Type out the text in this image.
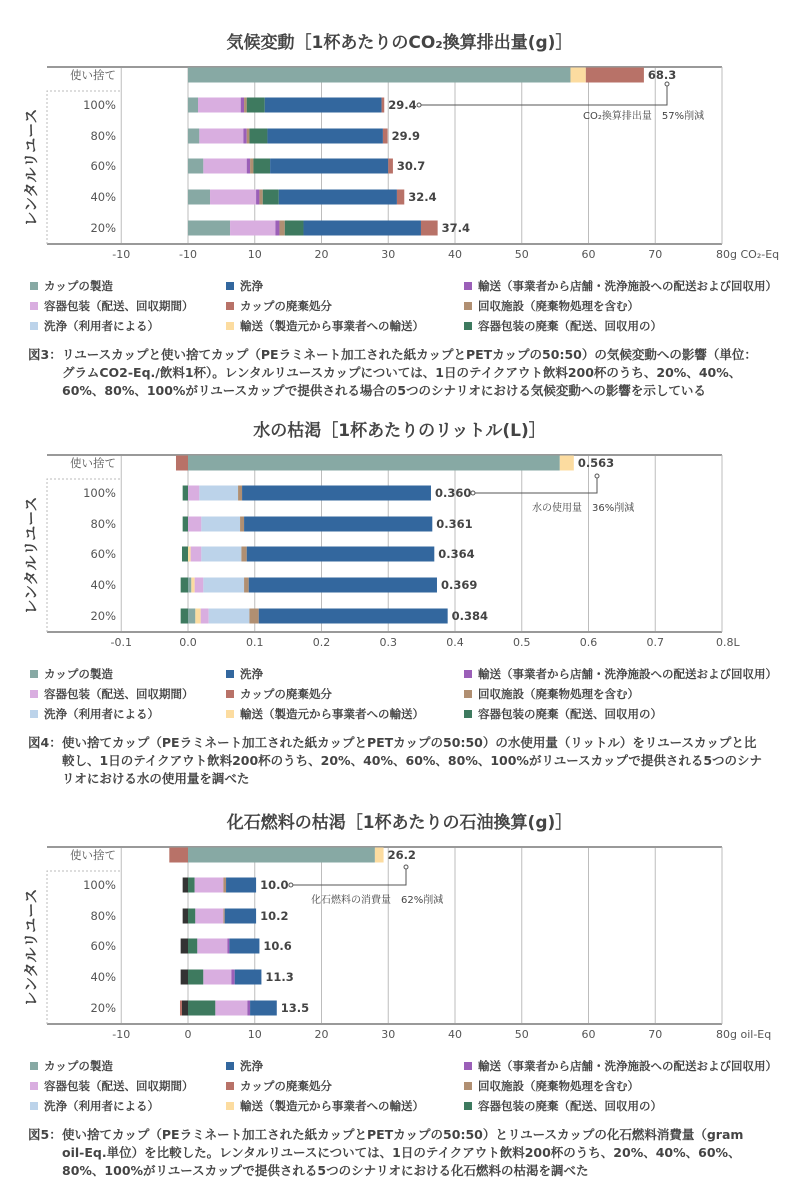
気候変動［1杯あたりのCO₂換算排出量(g)］
レンタルリユース
-10	-10	10	20	30	40	50	60	70	80g CO₂-Eq
使い捨て	68.3
100%	29.4
CO₂換算排出量　57%削減
80%	29.9
60%	30.7
40%	32.4
20%	37.4
カップの製造	洗浄	輸送（事業者から店舗・洗浄施設への配送および回収用）
容器包装（配送、回収期間）	カップの廃棄処分	回収施設（廃棄物処理を含む）
洗浄（利用者による）	輸送（製造元から事業者への輸送）	容器包装の廃棄（配送、回収用の）
図3： リユースカップと使い捨てカップ（PEラミネート加工された紙カップとPETカップの50:50）の気候変動への影響（単位：グラムCO2-Eq./飲料1杯）。レンタルリユースカップについては、1日のテイクアウト飲料200杯のうち、20%、40%、60%、80%、100%がリユースカップで提供される場合の5つのシナリオにおける気候変動への影響を示している
水の枯渇［1杯あたりのリットル(L)］
レンタルリユース
-0.1	0.0	0.1	0.2	0.3	0.4	0.5	0.6	0.7	0.8L
使い捨て	0.563
100%	0.360
水の使用量　36%削減
80%	0.361
60%	0.364
40%	0.369
20%	0.384
カップの製造	洗浄	輸送（事業者から店舗・洗浄施設への配送および回収用）
容器包装（配送、回収期間）	カップの廃棄処分	回収施設（廃棄物処理を含む）
洗浄（利用者による）	輸送（製造元から事業者への輸送）	容器包装の廃棄（配送、回収用の）
図4： 使い捨てカップ（PEラミネート加工された紙カップとPETカップの50:50）の水使用量（リットル）をリユースカップと比較し、1日のテイクアウト飲料200杯のうち、20%、40%、60%、80%、100%がリユースカップで提供される5つのシナリオにおける水の使用量を調べた
化石燃料の枯渇［1杯あたりの石油換算(g)］
レンタルリユース
-10	0	10	20	30	40	50	60	70	80g oil-Eq
使い捨て	26.2
100%	10.0
化石燃料の消費量　62%削減
80%	10.2
60%	10.6
40%	11.3
20%	13.5
カップの製造	洗浄	輸送（事業者から店舗・洗浄施設への配送および回収用）
容器包装（配送、回収期間）	カップの廃棄処分	回収施設（廃棄物処理を含む）
洗浄（利用者による）	輸送（製造元から事業者への輸送）	容器包装の廃棄（配送、回収用の）
図5： 使い捨てカップ（PEラミネート加工された紙カップとPETカップの50:50）とリユースカップの化石燃料消費量（gram oil-Eq.単位）を比較した。レンタルリユースについては、1日のテイクアウト飲料200杯のうち、20%、40%、60%、80%、100%がリユースカップで提供される5つのシナリオにおける化石燃料の枯渇を調べた
